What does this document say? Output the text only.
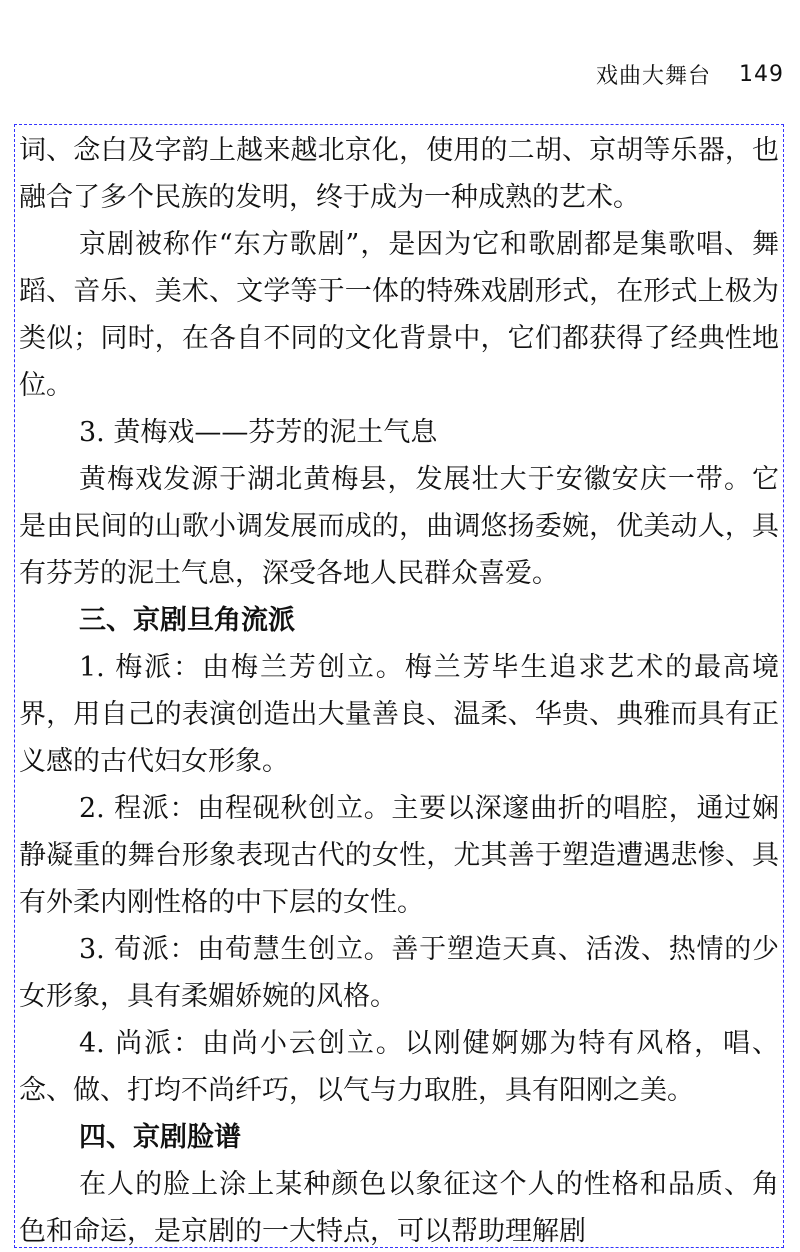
戏曲大舞台 149

词、念白及字韵上越来越北京化，使用的二胡、京胡等乐器，也融合了多个民族的发明，终于成为一种成熟的艺术。

京剧被称作“东方歌剧”，是因为它和歌剧都是集歌唱、舞蹈、音乐、美术、文学等于一体的特殊戏剧形式，在形式上极为类似；同时，在各自不同的文化背景中，它们都获得了经典性地位。

3. 黄梅戏——芬芳的泥土气息

黄梅戏发源于湖北黄梅县，发展壮大于安徽安庆一带。它是由民间的山歌小调发展而成的，曲调悠扬委婉，优美动人，具有芬芳的泥土气息，深受各地人民群众喜爱。

三、京剧旦角流派

1. 梅派：由梅兰芳创立。梅兰芳毕生追求艺术的最高境界，用自己的表演创造出大量善良、温柔、华贵、典雅而具有正义感的古代妇女形象。

2. 程派：由程砚秋创立。主要以深邃曲折的唱腔，通过娴静凝重的舞台形象表现古代的女性，尤其善于塑造遭遇悲惨、具有外柔内刚性格的中下层的女性。

3. 荀派：由荀慧生创立。善于塑造天真、活泼、热情的少女形象，具有柔媚娇婉的风格。

4. 尚派：由尚小云创立。以刚健婀娜为特有风格，唱、念、做、打均不尚纤巧，以气与力取胜，具有阳刚之美。

四、京剧脸谱

在人的脸上涂上某种颜色以象征这个人的性格和品质、角色和命运，是京剧的一大特点，可以帮助理解剧
